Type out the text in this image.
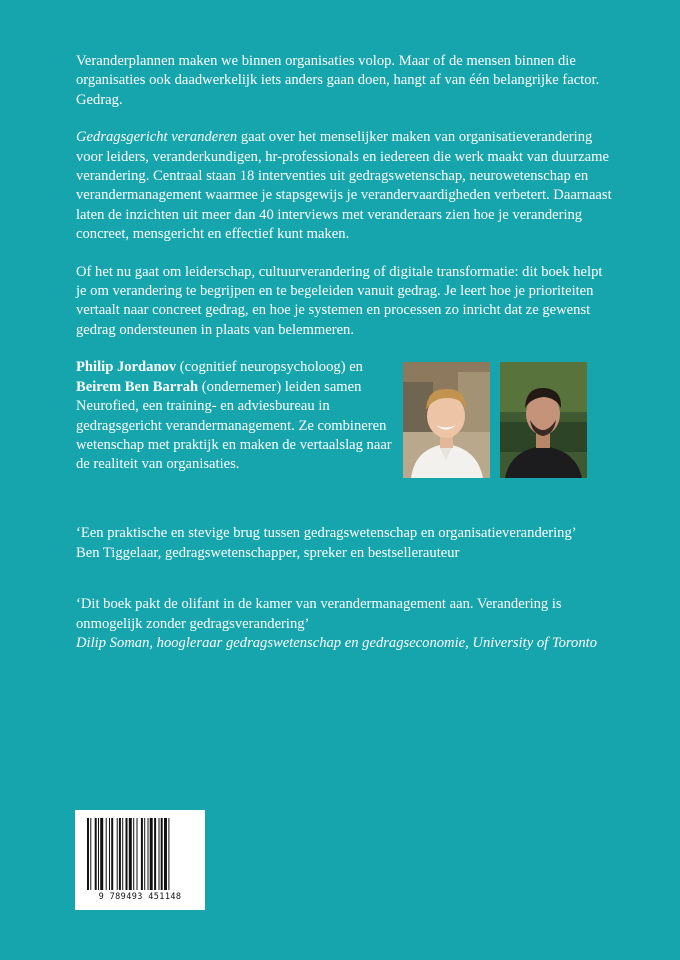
Veranderplannen maken we binnen organisaties volop. Maar of de mensen binnen die organisaties ook daadwerkelijk iets anders gaan doen, hangt af van één belangrijke factor. Gedrag.

Gedragsgericht veranderen gaat over het menselijker maken van organisatieverandering voor leiders, veranderkundigen, hr-professionals en iedereen die werk maakt van duurzame verandering. Centraal staan 18 interventies uit gedragswetenschap, neurowetenschap en verandermanagement waarmee je stapsgewijs je verandervaardigheden verbetert. Daarnaast laten de inzichten uit meer dan 40 interviews met veranderaars zien hoe je verandering concreet, mensgericht en effectief kunt maken.

Of het nu gaat om leiderschap, cultuurverandering of digitale transformatie: dit boek helpt je om verandering te begrijpen en te begeleiden vanuit gedrag. Je leert hoe je prioriteiten vertaalt naar concreet gedrag, en hoe je systemen en processen zo inricht dat ze gewenst gedrag ondersteunen in plaats van belemmeren.

Philip Jordanov (cognitief neuropsycholoog) en Beirem Ben Barrah (ondernemer) leiden samen Neurofied, een training- en adviesbureau in gedragsgericht verandermanagement. Ze combineren wetenschap met praktijk en maken de vertaalslag naar de realiteit van organisaties.

‘Een praktische en stevige brug tussen gedragswetenschap en organisatieverandering’

Ben Tiggelaar, gedragswetenschapper, spreker en bestsellerauteur

‘Dit boek pakt de olifant in de kamer van verandermanagement aan. Verandering is onmogelijk zonder gedragsverandering’

Dilip Soman, hoogleraar gedragswetenschap en gedragseconomie, University of Toronto

9 789493 451148
